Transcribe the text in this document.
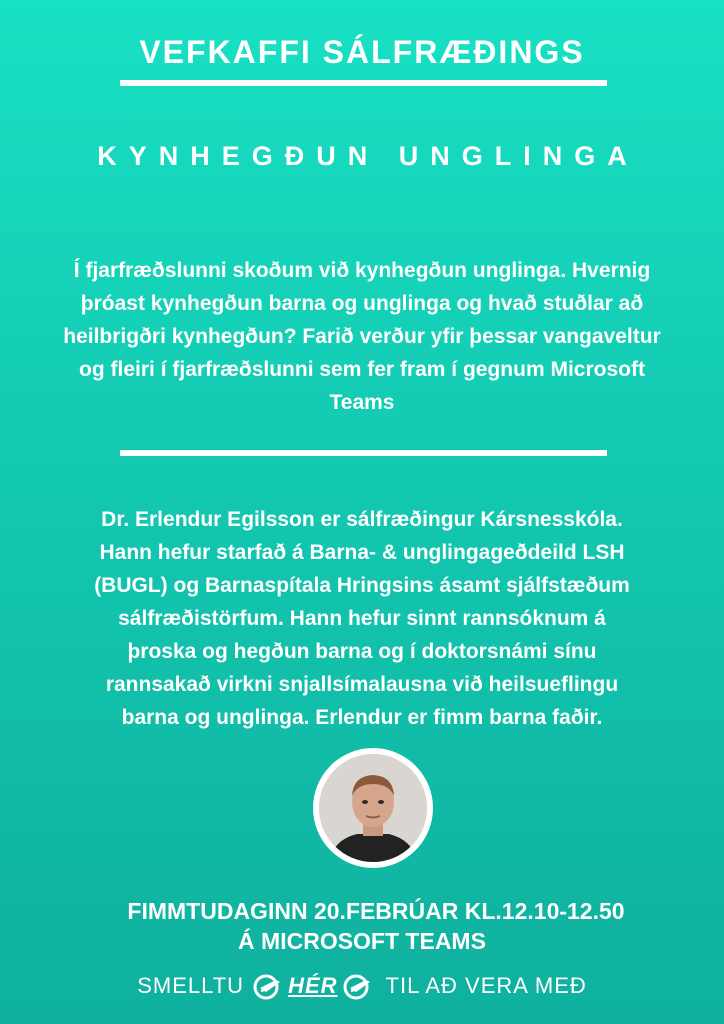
VEFKAFFI SÁLFRÆÐINGS
KYNHEGÐUN UNGLINGA
Í fjarfræðslunni skoðum við kynhegðun unglinga. Hvernig
þróast kynhegðun barna og unglinga og hvað stuðlar að
heilbrigðri kynhegðun? Farið verður yfir þessar vangaveltur
og fleiri í fjarfræðslunni sem fer fram í gegnum Microsoft
Teams
Dr. Erlendur Egilsson er sálfræðingur Kársnesskóla.
Hann hefur starfað á Barna- & unglingageðdeild LSH
(BUGL) og Barnaspítala Hringsins ásamt sjálfstæðum
sálfræðistörfum. Hann hefur sinnt rannsóknum á
þroska og hegðun barna og í doktorsnámi sínu
rannsakað virkni snjallsímalausna við heilsueflingu
barna og unglinga. Erlendur er fimm barna faðir.
FIMMTUDAGINN 20.FEBRÚAR KL.12.10-12.50
Á MICROSOFT TEAMS
SMELLTU HÉR TIL AÐ VERA MEÐ
